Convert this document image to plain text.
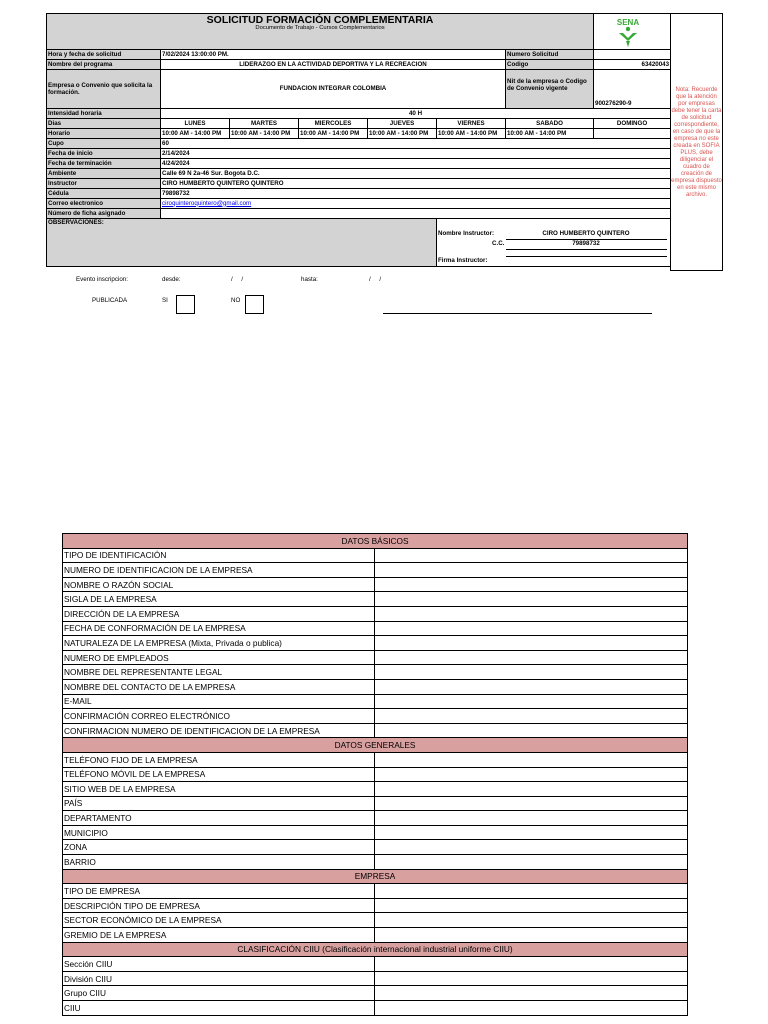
SOLICITUD FORMACIÓN COMPLEMENTARIA
Documento de Trabajo - Cursos Complementarios							

Hora y fecha de solicitud	7/02/2024 13:00:00 PM.					Numero Solicitud	
Nombre del programa	LIDERAZGO EN LA ACTIVIDAD DEPORTIVA Y LA RECREACION					Codigo	63420043
Empresa o Convenio que solicita la formación.	FUNDACION INTEGRAR COLOMBIA					Nit de la empresa o Codigo de Convenio vigente	900276290-9
Intensidad horaria	40 H						
Dias	LUNES	MARTES	MIERCOLES	JUEVES	VIERNES	SABADO	DOMINGO
Horario	10:00 AM - 14:00 PM	10:00 AM - 14:00 PM	10:00 AM - 14:00 PM	10:00 AM - 14:00 PM	10:00 AM - 14:00 PM	10:00 AM - 14:00 PM	
Cupo	60						
Fecha de inicio	2/14/2024						
Fecha de terminación	4/24/2024						
Ambiente	Calle 69 N 2a-46 Sur. Bogota D.C.						
Instructor	CIRO HUMBERTO QUINTERO QUINTERO						
Cédula	79898732						
Correo electronico	ciroquinteroquintero@gmail.com						
Número de ficha asignado							
OBSERVACIONES:					Nombre Instructor: CIRO HUMBERTO QUINTERO
C.C. 79898732
Firma Instructor:		
SENA
Nota: Recuerde que la atención por empresas debe tener la carta de solicitud correspondiente, en caso de que la empresa no este creada en SOFIA PLUS, debe diligenciar el cuadro de creación de empresa dispuesto en este mismo archivo.
Evento inscripcion:	desde:	/     /	hasta:	/     /
PUBLICADA	SI	NO
DATOS BÁSICOS	
TIPO DE IDENTIFICACIÓN	
NUMERO DE IDENTIFICACION DE LA EMPRESA	
NOMBRE O RAZÓN SOCIAL	
SIGLA DE LA EMPRESA	
DIRECCIÓN DE LA EMPRESA	
FECHA DE CONFORMACIÓN DE LA EMPRESA	
NATURALEZA DE LA EMPRESA (Mixta, Privada o publica)	
NUMERO DE EMPLEADOS	
NOMBRE DEL REPRESENTANTE LEGAL	
NOMBRE DEL CONTACTO DE LA EMPRESA	
E-MAIL	
CONFIRMACIÓN CORREO ELECTRÓNICO	
CONFIRMACION NUMERO DE IDENTIFICACION DE LA EMPRESA	
DATOS GENERALES	
TELÉFONO FIJO DE LA EMPRESA	
TELÉFONO MÓVIL DE LA EMPRESA	
SITIO WEB DE LA EMPRESA	
PAÍS	
DEPARTAMENTO	
MUNICIPIO	
ZONA	
BARRIO	
EMPRESA	
TIPO DE EMPRESA	
DESCRIPCIÓN TIPO DE EMPRESA	
SECTOR ECONÓMICO DE LA EMPRESA	
GREMIO DE LA EMPRESA	
CLASIFICACIÓN CIIU (Clasificación internacional industrial uniforme CIIU)	
Sección CIIU	
División CIIU	
Grupo CIIU	
CIIU	
